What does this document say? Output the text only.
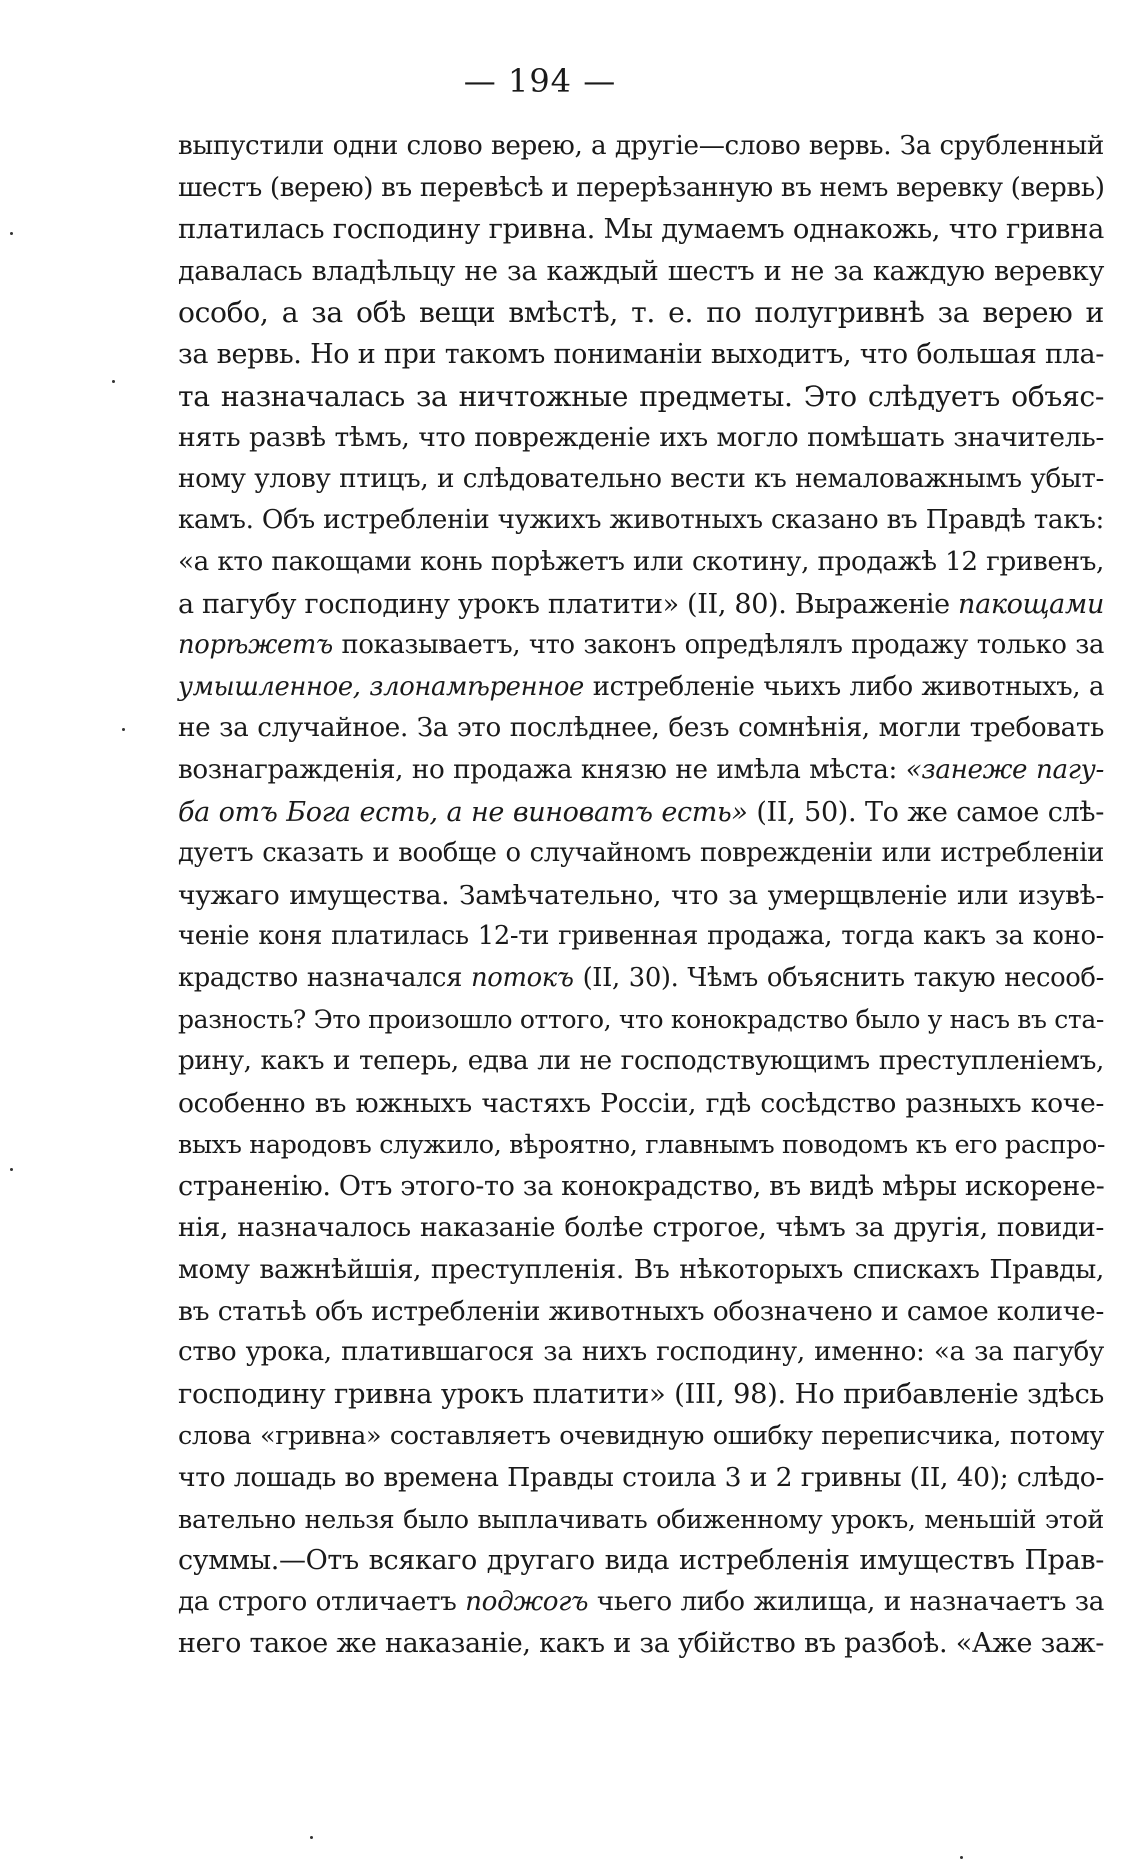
— 194 —
выпустили одни слово верею, а другіе—слово вервь. За срубленный
шестъ (верею) въ перевѣсѣ и перерѣзанную въ немъ веревку (вервь)
платилась господину гривна. Мы думаемъ однакожь, что гривна
давалась владѣльцу не за каждый шестъ и не за каждую веревку
особо, а за обѣ вещи вмѣстѣ, т. е. по полугривнѣ за верею и
за вервь. Но и при такомъ пониманіи выходитъ, что большая пла-
та назначалась за ничтожные предметы. Это слѣдуетъ объяс-
нять развѣ тѣмъ, что поврежденіе ихъ могло помѣшать значитель-
ному улову птицъ, и слѣдовательно вести къ немаловажнымъ убыт-
камъ. Объ истребленіи чужихъ животныхъ сказано въ Правдѣ такъ:
«а кто пакощами конь порѣжетъ или скотину, продажѣ 12 гривенъ,
а пагубу господину урокъ платити» (II, 80). Выраженіе пакощами
порѣжетъ показываетъ, что законъ опредѣлялъ продажу только за
умышленное, злонамѣренное истребленіе чьихъ либо животныхъ, а
не за случайное. За это послѣднее, безъ сомнѣнія, могли требовать
вознагражденія, но продажа князю не имѣла мѣста: «занеже пагу-
ба отъ Бога есть, а не виноватъ есть» (II, 50). То же самое слѣ-
дуетъ сказать и вообще о случайномъ поврежденіи или истребленіи
чужаго имущества. Замѣчательно, что за умерщвленіе или изувѣ-
ченіе коня платилась 12-ти гривенная продажа, тогда какъ за коно-
крадство назначался потокъ (II, 30). Чѣмъ объяснить такую несооб-
разность? Это произошло оттого, что конокрадство было у насъ въ ста-
рину, какъ и теперь, едва ли не господствующимъ преступленіемъ,
особенно въ южныхъ частяхъ Россіи, гдѣ сосѣдство разныхъ коче-
выхъ народовъ служило, вѣроятно, главнымъ поводомъ къ его распро-
страненію. Отъ этого-то за конокрадство, въ видѣ мѣры искорене-
нія, назначалось наказаніе болѣе строгое, чѣмъ за другія, повиди-
мому важнѣйшія, преступленія. Въ нѣкоторыхъ спискахъ Правды,
въ статьѣ объ истребленіи животныхъ обозначено и самое количе-
ство урока, платившагося за нихъ господину, именно: «а за пагубу
господину гривна урокъ платити» (III, 98). Но прибавленіе здѣсь
слова «гривна» составляетъ очевидную ошибку переписчика, потому
что лошадь во времена Правды стоила 3 и 2 гривны (II, 40); слѣдо-
вательно нельзя было выплачивать обиженному урокъ, меньшій этой
суммы.—Отъ всякаго другаго вида истребленія имуществъ Прав-
да строго отличаетъ поджогъ чьего либо жилища, и назначаетъ за
него такое же наказаніе, какъ и за убійство въ разбоѣ. «Аже заж-
